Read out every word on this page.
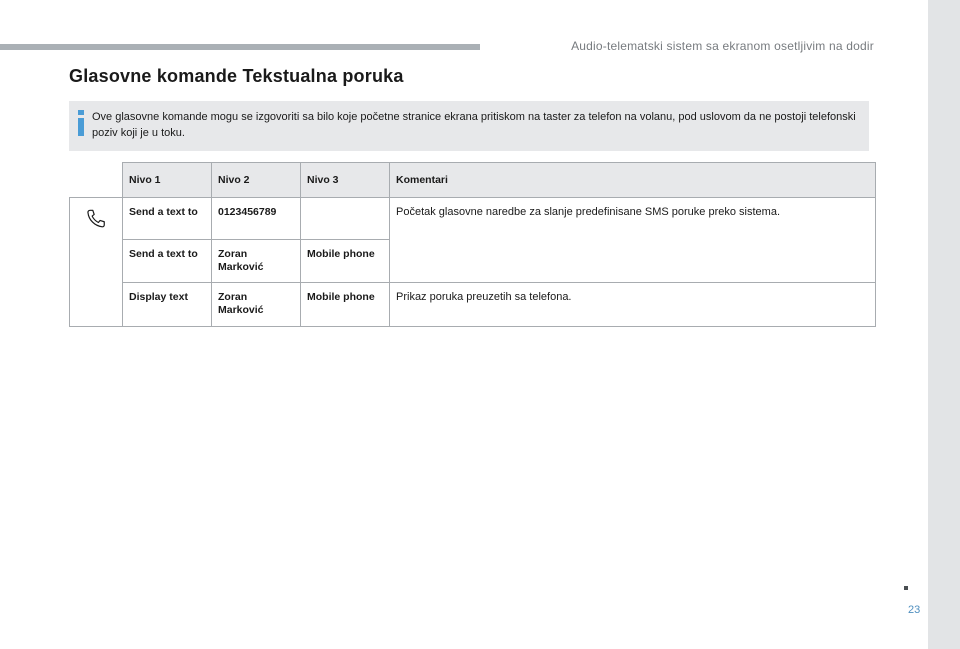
Audio-telematski sistem sa ekranom osetljivim na dodir
Glasovne komande Tekstualna poruka
Ove glasovne komande mogu se izgovoriti sa bilo koje početne stranice ekrana pritiskom na taster za telefon na volanu, pod uslovom da ne postoji telefonski poziv koji je u toku.
	Nivo 1	Nivo 2	Nivo 3	Komentari

	Send a text to	0123456789		Početak glasovne naredbe za slanje predefinisane SMS poruke preko sistema.
	Send a text to	Zoran Marković	Mobile phone	
	Display text	Zoran Marković	Mobile phone	Prikaz poruka preuzetih sa telefona.
23
